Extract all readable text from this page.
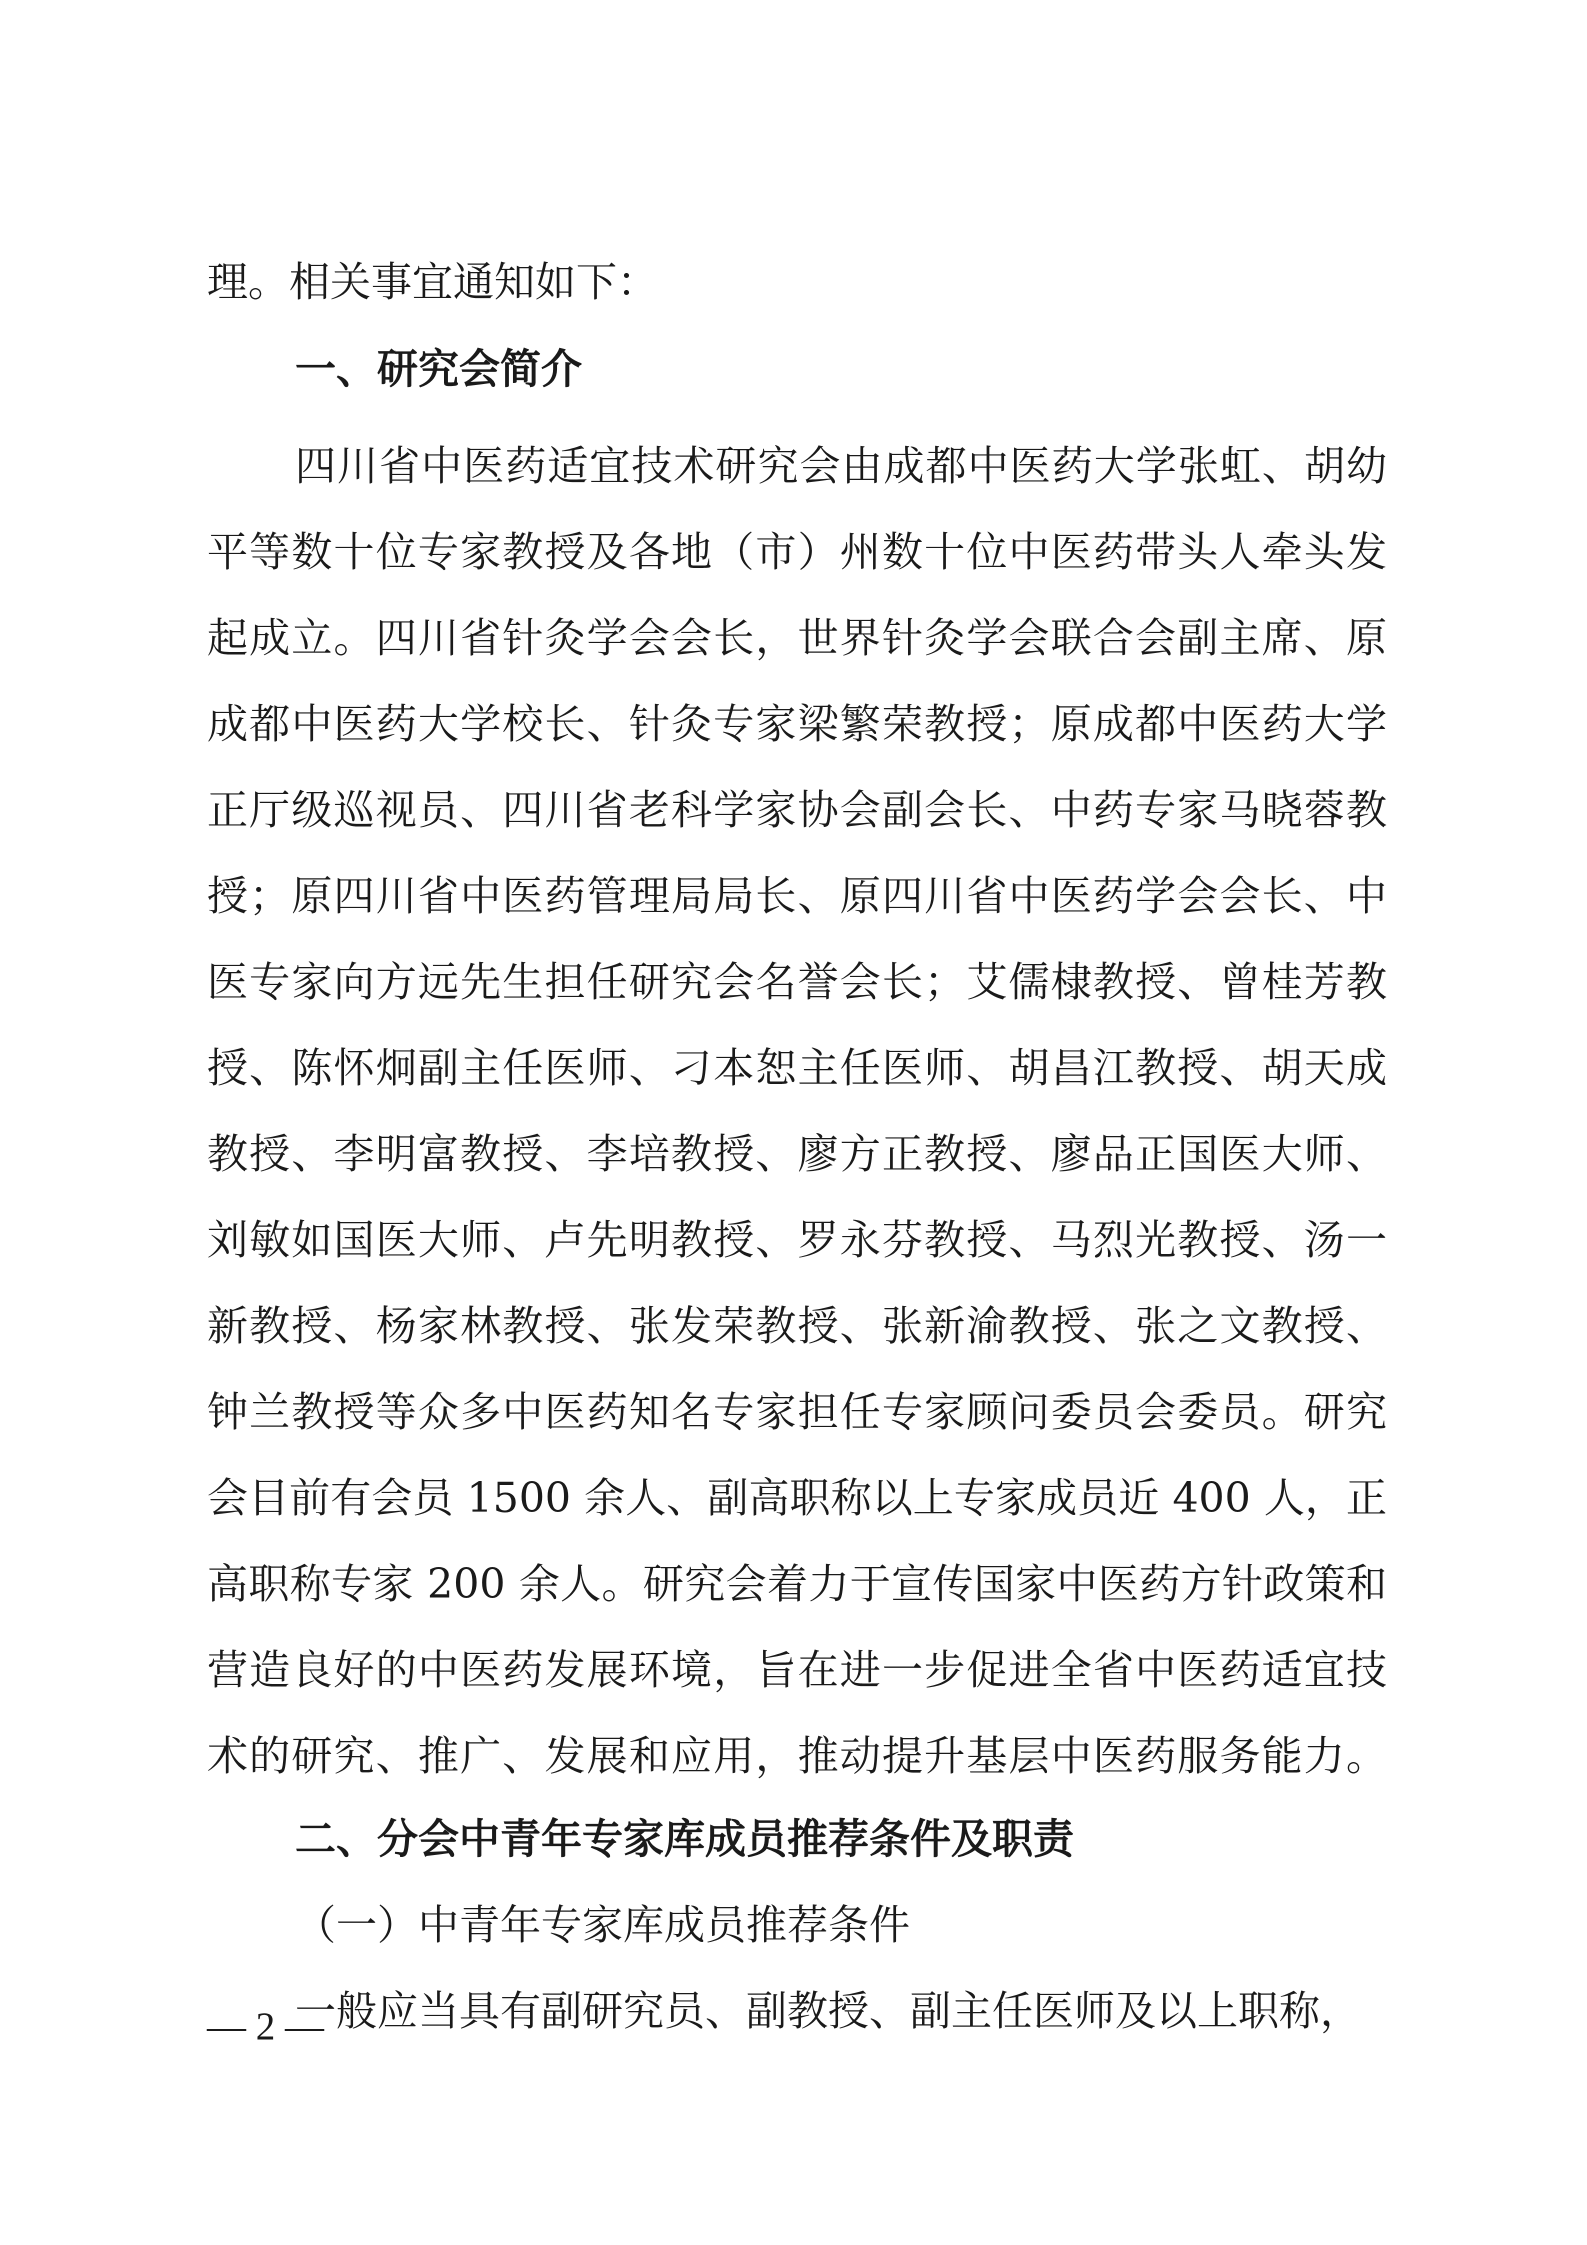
理。相关事宜通知如下：
一、研究会简介
四川省中医药适宜技术研究会由成都中医药大学张虹、胡幼
平等数十位专家教授及各地（市）州数十位中医药带头人牵头发
起成立。四川省针灸学会会长，世界针灸学会联合会副主席、原
成都中医药大学校长、针灸专家梁繁荣教授；原成都中医药大学
正厅级巡视员、四川省老科学家协会副会长、中药专家马晓蓉教
授；原四川省中医药管理局局长、原四川省中医药学会会长、中
医专家向方远先生担任研究会名誉会长；艾儒棣教授、曾桂芳教
授、陈怀炯副主任医师、刁本恕主任医师、胡昌江教授、胡天成
教授、李明富教授、李培教授、廖方正教授、廖品正国医大师、
刘敏如国医大师、卢先明教授、罗永芬教授、马烈光教授、汤一
新教授、杨家林教授、张发荣教授、张新渝教授、张之文教授、
钟兰教授等众多中医药知名专家担任专家顾问委员会委员。研究
会目前有会员 1500 余人、副高职称以上专家成员近 400 人，正
高职称专家 200 余人。研究会着力于宣传国家中医药方针政策和
营造良好的中医药发展环境，旨在进一步促进全省中医药适宜技
术的研究、推广、发展和应用，推动提升基层中医药服务能力。
二、分会中青年专家库成员推荐条件及职责
（一）中青年专家库成员推荐条件
一般应当具有副研究员、副教授、副主任医师及以上职称，
— 2 —
